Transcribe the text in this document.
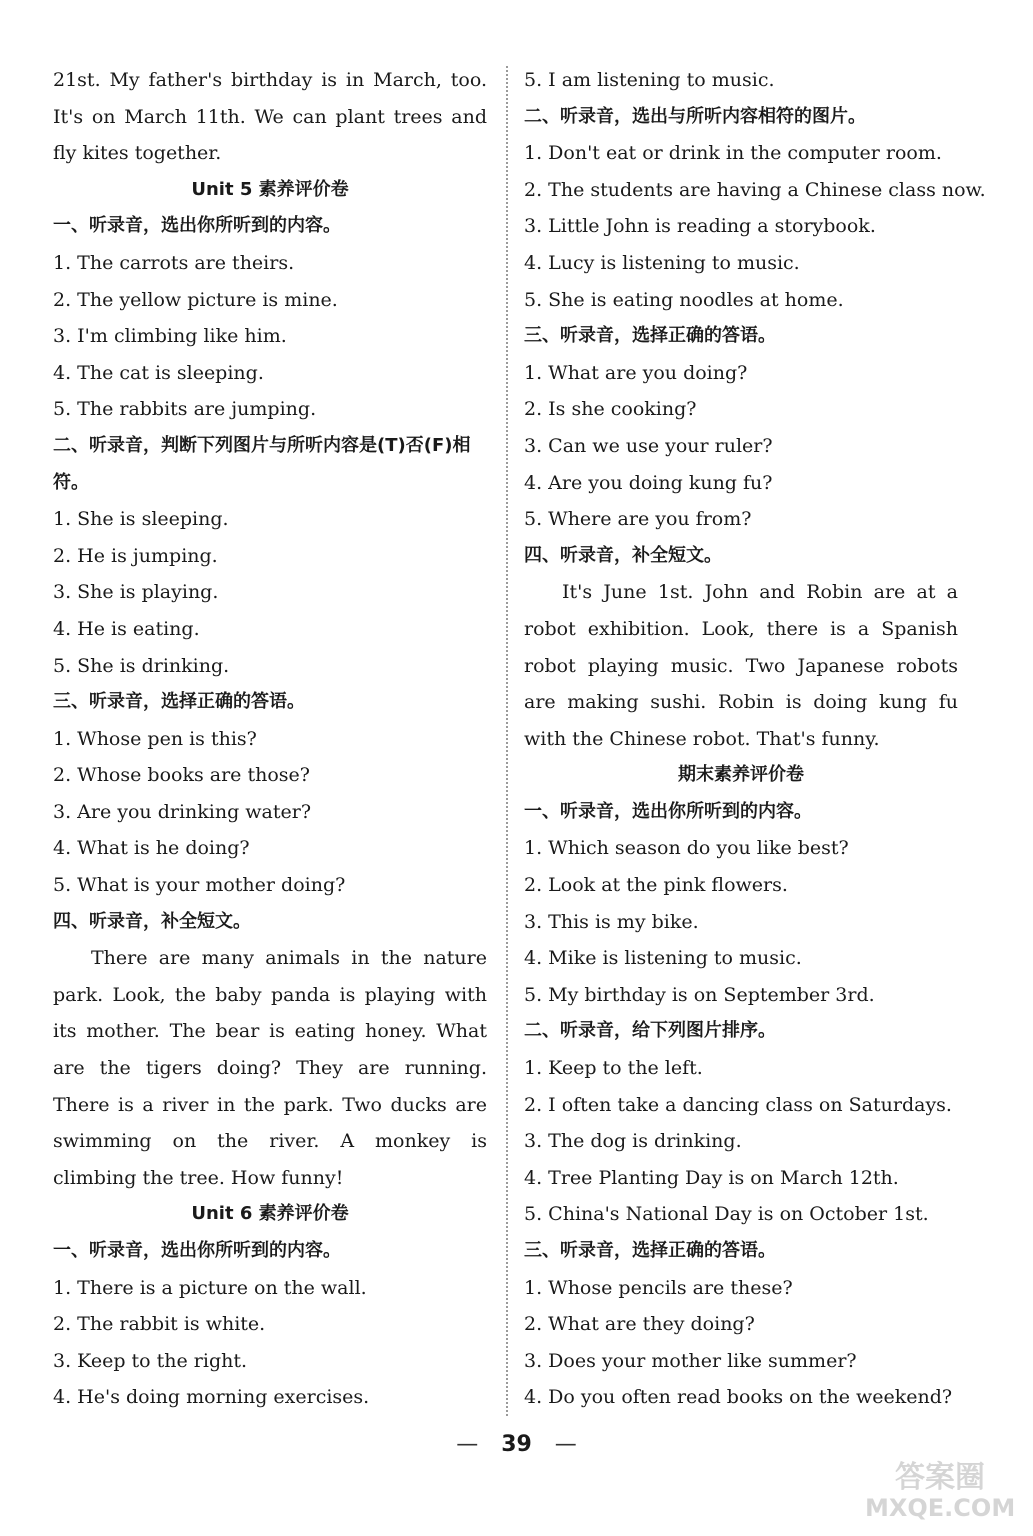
21st. My father's birthday is in March, too. It's on March 11th. We can plant trees and fly kites together.
Unit 5 素养评价卷
一、听录音，选出你所听到的内容。
1. The carrots are theirs.
2. The yellow picture is mine.
3. I'm climbing like him.
4. The cat is sleeping.
5. The rabbits are jumping.
二、听录音，判断下列图片与所听内容是(T)否(F)相符。
1. She is sleeping.
2. He is jumping.
3. She is playing.
4. He is eating.
5. She is drinking.
三、听录音，选择正确的答语。
1. Whose pen is this?
2. Whose books are those?
3. Are you drinking water?
4. What is he doing?
5. What is your mother doing?
四、听录音，补全短文。
There are many animals in the nature park. Look, the baby panda is playing with its mother. The bear is eating honey. What are the tigers doing? They are running. There is a river in the park. Two ducks are swimming on the river. A monkey is climbing the tree. How funny!
Unit 6 素养评价卷
一、听录音，选出你所听到的内容。
1. There is a picture on the wall.
2. The rabbit is white.
3. Keep to the right.
4. He's doing morning exercises.
5. I am listening to music.
二、听录音，选出与所听内容相符的图片。
1. Don't eat or drink in the computer room.
2. The students are having a Chinese class now.
3. Little John is reading a storybook.
4. Lucy is listening to music.
5. She is eating noodles at home.
三、听录音，选择正确的答语。
1. What are you doing?
2. Is she cooking?
3. Can we use your ruler?
4. Are you doing kung fu?
5. Where are you from?
四、听录音，补全短文。
It's June 1st. John and Robin are at a robot exhibition. Look, there is a Spanish robot playing music. Two Japanese robots are making sushi. Robin is doing kung fu with the Chinese robot. That's funny.
期末素养评价卷
一、听录音，选出你所听到的内容。
1. Which season do you like best?
2. Look at the pink flowers.
3. This is my bike.
4. Mike is listening to music.
5. My birthday is on September 3rd.
二、听录音，给下列图片排序。
1. Keep to the left.
2. I often take a dancing class on Saturdays.
3. The dog is drinking.
4. Tree Planting Day is on March 12th.
5. China's National Day is on October 1st.
三、听录音，选择正确的答语。
1. Whose pencils are these?
2. What are they doing?
3. Does your mother like summer?
4. Do you often read books on the weekend?
— 39 —
答案圈
MXQE.COM
